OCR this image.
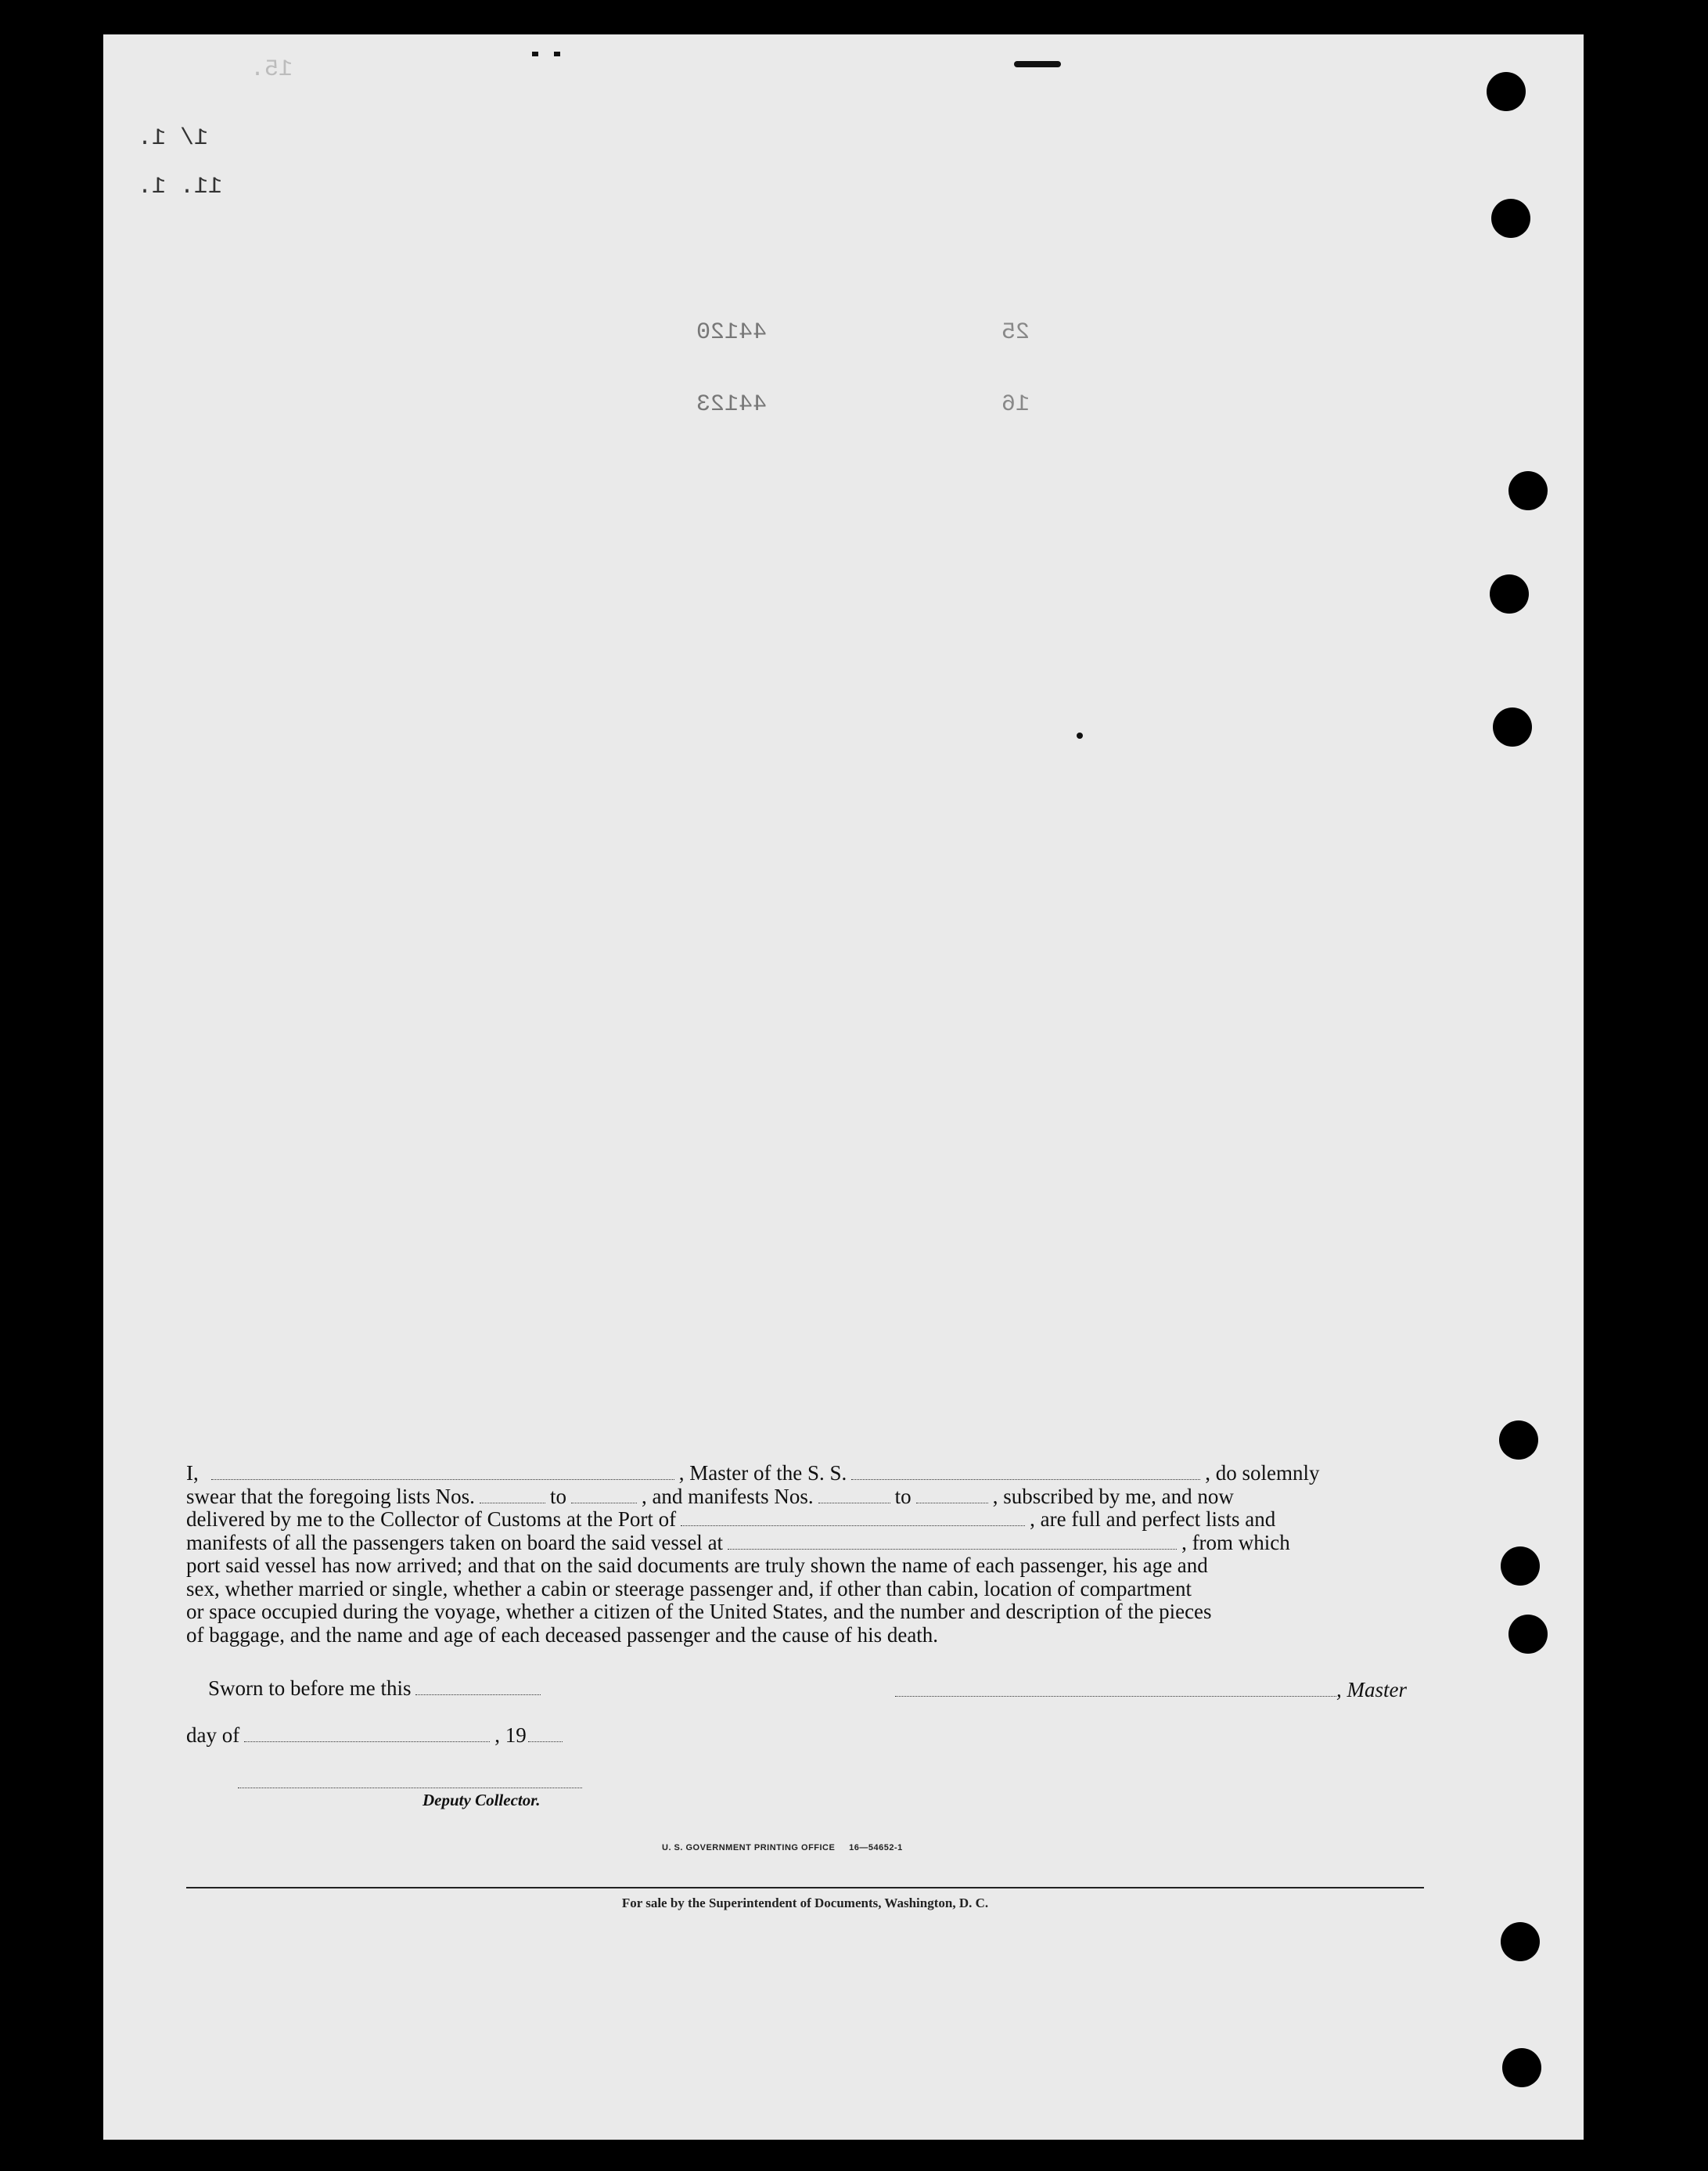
15.
1/ 1.
11. 1.
44120
44123
25
16
I,	, Master of the S. S.	, do solemnly
swear that the foregoing lists Nos.	to	, and manifests Nos.	to	, subscribed by me, and now
delivered by me to the Collector of Customs at the Port of	, are full and perfect lists and
manifests of all the passengers taken on board the said vessel at	, from which
port said vessel has now arrived; and that on the said documents are truly shown the name of each passenger, his age and
sex, whether married or single, whether a cabin or steerage passenger and, if other than cabin, location of compartment
or space occupied during the voyage, whether a citizen of the United States, and the number and description of the pieces
of baggage, and the name and age of each deceased passenger and the cause of his death.
Sworn to before me this	, Master
day of	, 19
Deputy Collector.
U. S. GOVERNMENT PRINTING OFFICE     16—54652-1
For sale by the Superintendent of Documents, Washington, D. C.
